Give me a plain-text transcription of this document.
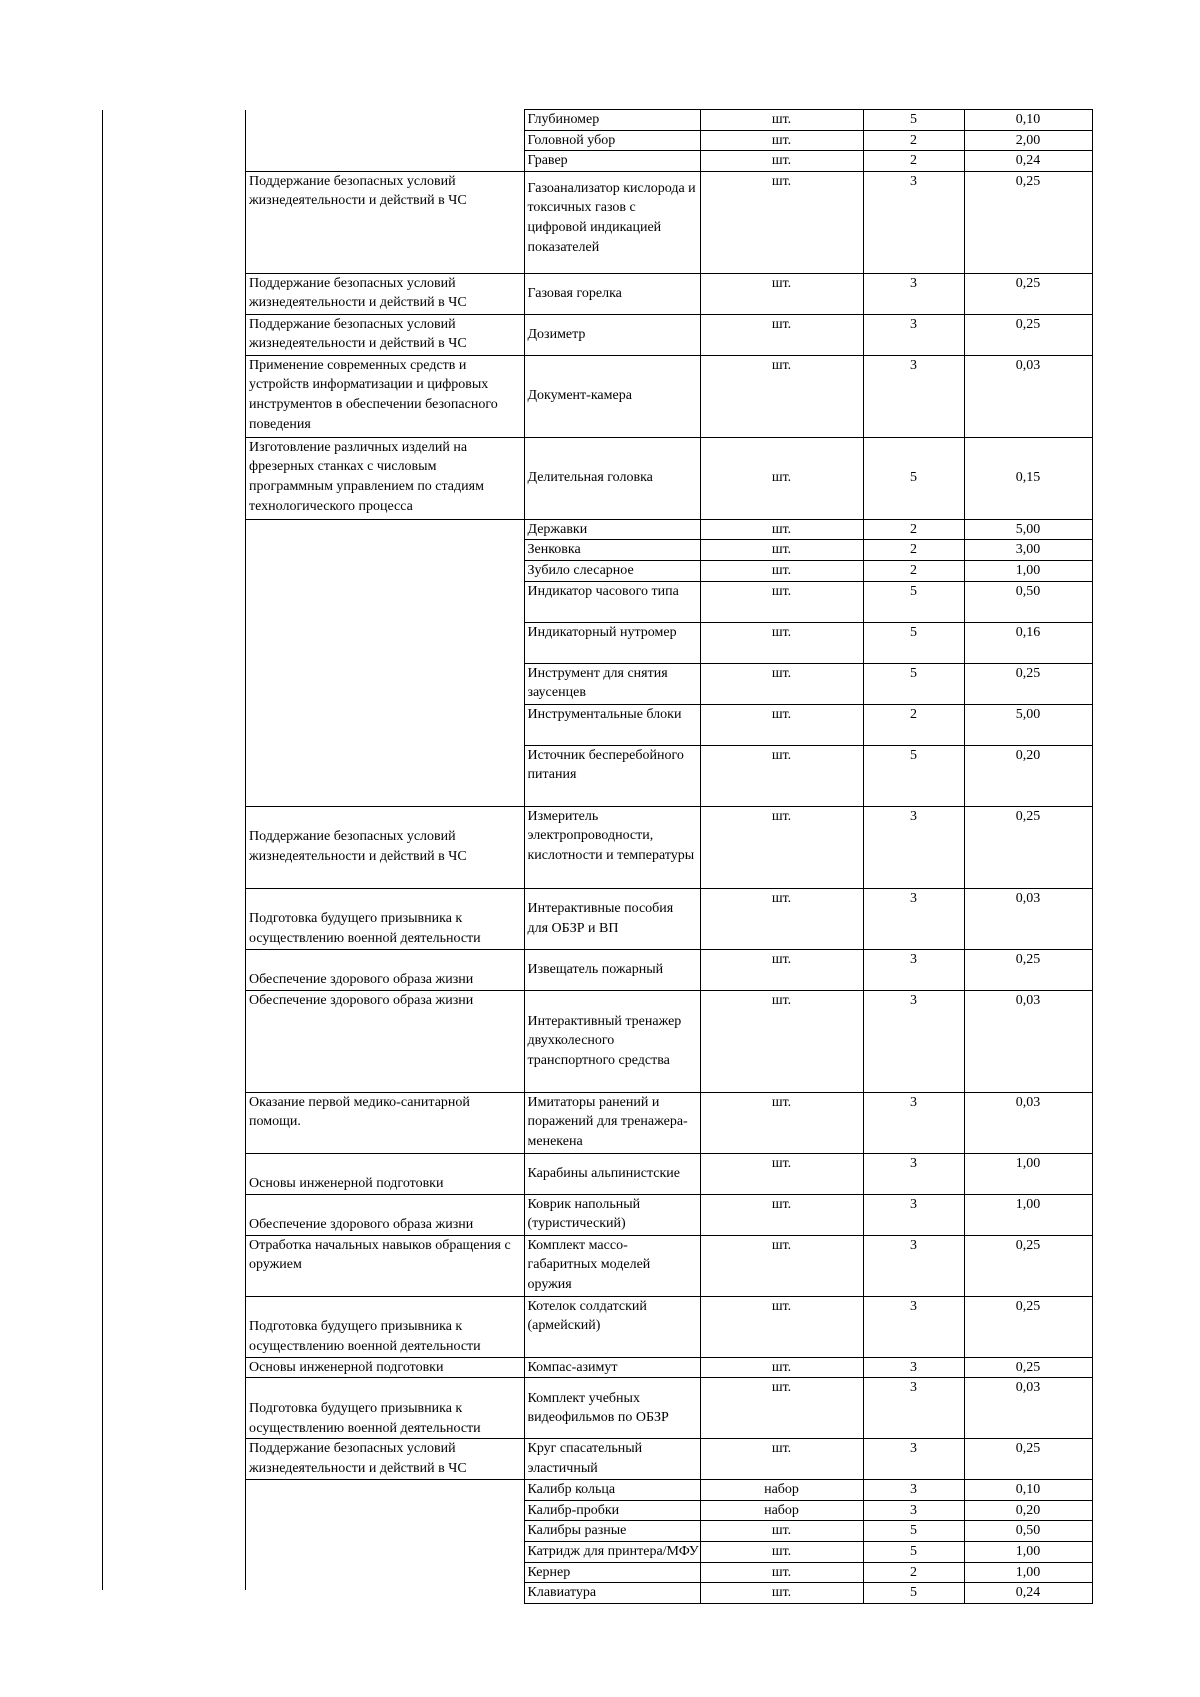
	Глубиномер	шт.	5	0,10
	Головной убор	шт.	2	2,00
	Гравер	шт.	2	0,24
Поддержание безопасных условий жизнедеятельности и действий в ЧС	Газоанализатор кислорода и токсичных газов с цифровой индикацией показателей	шт.	3	0,25
Поддержание безопасных условий жизнедеятельности и действий в ЧС	Газовая горелка	шт.	3	0,25
Поддержание безопасных условий жизнедеятельности и действий в ЧС	Дозиметр	шт.	3	0,25
Применение современных средств и устройств информатизации и цифровых инструментов в обеспечении безопасного поведения	Документ-камера	шт.	3	0,03
Изготовление различных изделий на фрезерных станках с числовым программным управлением по стадиям технологического процесса	Делительная головка	шт.	5	0,15
	Державки	шт.	2	5,00
	Зенковка	шт.	2	3,00
	Зубило слесарное	шт.	2	1,00
	Индикатор часового типа	шт.	5	0,50
	Индикаторный нутромер	шт.	5	0,16
	Инструмент для снятия заусенцев	шт.	5	0,25
	Инструментальные блоки	шт.	2	5,00
	Источник бесперебойного питания	шт.	5	0,20
Поддержание безопасных условий жизнедеятельности и действий в ЧС	Измеритель электропроводности, кислотности и температуры	шт.	3	0,25
Подготовка будущего призывника к осуществлению военной деятельности	Интерактивные пособия для ОБЗР и ВП	шт.	3	0,03
Обеспечение здорового образа жизни	Извещатель пожарный	шт.	3	0,25
Обеспечение здорового образа жизни	Интерактивный тренажер двухколесного транспортного средства	шт.	3	0,03
Оказание первой медико-санитарной помощи.	Имитаторы ранений и поражений для тренажера-менекена	шт.	3	0,03
Основы инженерной подготовки	Карабины альпинистские	шт.	3	1,00
Обеспечение здорового образа жизни	Коврик напольный (туристический)	шт.	3	1,00
Отработка начальных навыков обращения с оружием	Комплект массо-габаритных моделей оружия	шт.	3	0,25
Подготовка будущего призывника к осуществлению военной деятельности	Котелок солдатский (армейский)	шт.	3	0,25
Основы инженерной подготовки	Компас-азимут	шт.	3	0,25
Подготовка будущего призывника к осуществлению военной деятельности	Комплект учебных видеофильмов по ОБЗР	шт.	3	0,03
Поддержание безопасных условий жизнедеятельности и действий в ЧС	Круг спасательный эластичный	шт.	3	0,25
	Калибр кольца	набор	3	0,10
	Калибр-пробки	набор	3	0,20
	Калибры разные	шт.	5	0,50
	Катридж для принтера/МФУ	шт.	5	1,00
	Кернер	шт.	2	1,00
	Клавиатура	шт.	5	0,24
